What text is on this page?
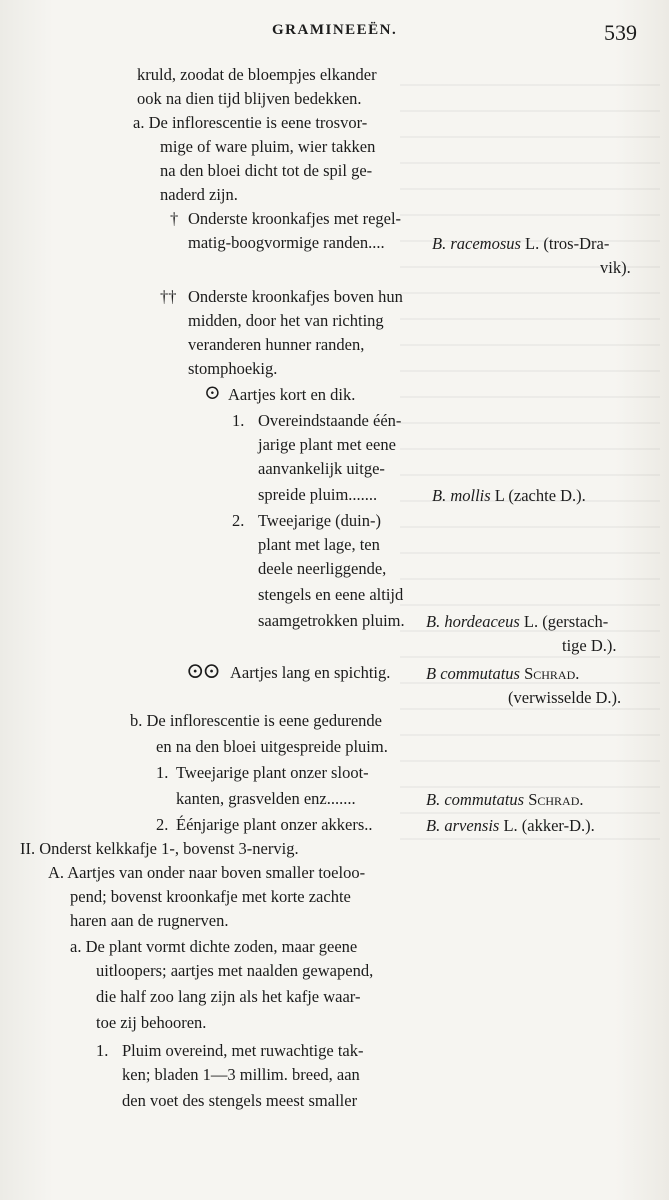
GRAMINEEËN.	539
kruld, zoodat de bloempjes elkander
ook na dien tijd blijven bedekken.
a. De inflorescentie is eene trosvor-
mige of ware pluim, wier takken
na den bloei dicht tot de spil ge-
naderd zijn.
† Onderste kroonkafjes met regel-
matig-boogvormige randen....	B. racemosus L. (tros-Dra-
vik).
†† Onderste kroonkafjes boven hun
midden, door het van richting
veranderen hunner randen,
stomphoekig.
⊙ Aartjes kort en dik.
1. Overeindstaande één-
jarige plant met eene
aanvankelijk uitge-
spreide pluim.......	B. mollis L (zachte D.).
2. Tweejarige (duin-)
plant met lage, ten
deele neerliggende,
stengels en eene altijd
saamgetrokken pluim. B. hordeaceus L. (gerstach-
tige D.).
⊙⊙ Aartjes lang en spichtig. B commutatus Schrad.
(verwisselde D.).
b. De inflorescentie is eene gedurende
en na den bloei uitgespreide pluim.
1. Tweejarige plant onzer sloot-
kanten, grasvelden enz.......	B. commutatus Schrad.
2. Éénjarige plant onzer akkers..	B. arvensis L. (akker-D.).
II. Onderst kelkkafje 1-, bovenst 3-nervig.
A. Aartjes van onder naar boven smaller toeloo-
pend; bovenst kroonkafje met korte zachte
haren aan de rugnerven.
a. De plant vormt dichte zoden, maar geene
uitloopers; aartjes met naalden gewapend,
die half zoo lang zijn als het kafje waar-
toe zij behooren.
1. Pluim overeind, met ruwachtige tak-
ken; bladen 1—3 millim. breed, aan
den voet des stengels meest smaller
